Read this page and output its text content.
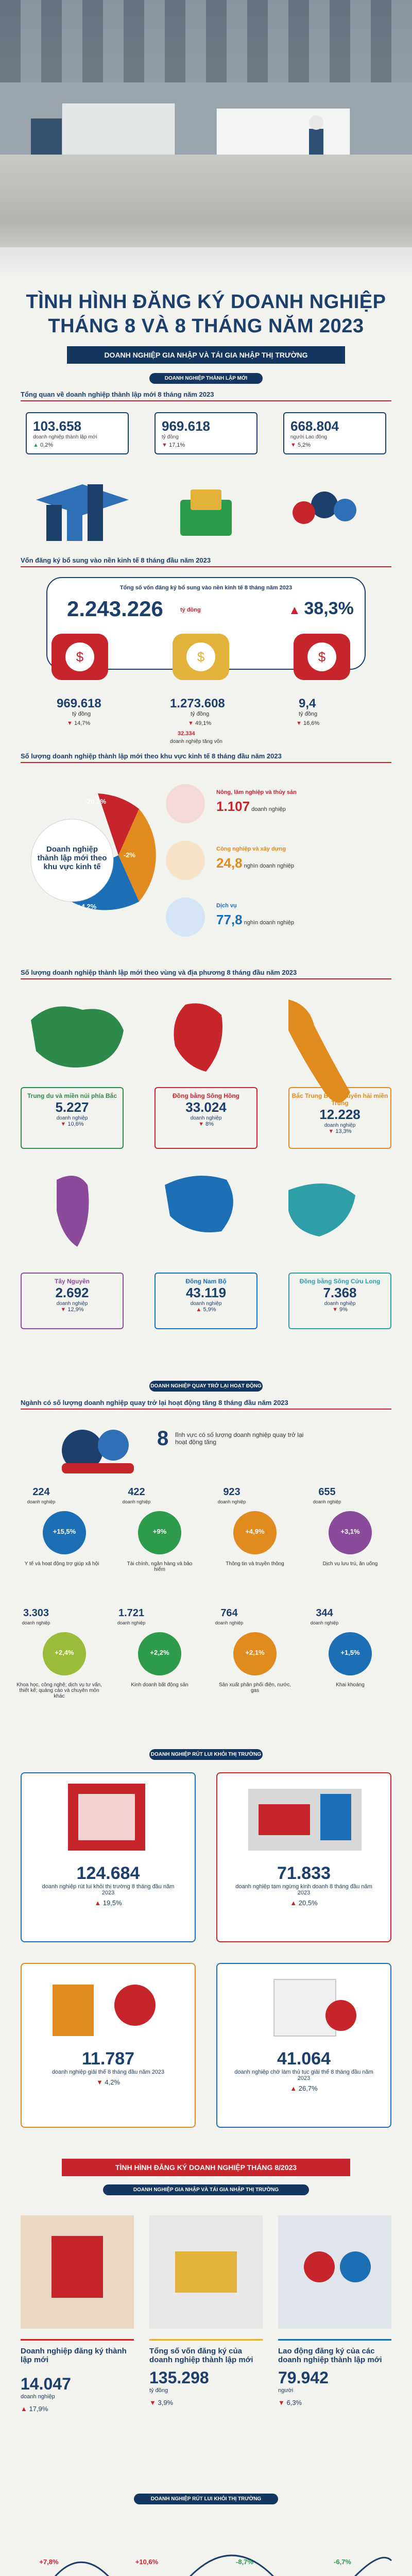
TÌNH HÌNH ĐĂNG KÝ DOANH NGHIỆP
THÁNG 8 VÀ 8 THÁNG NĂM 2023
DOANH NGHIỆP GIA NHẬP VÀ TÁI GIA NHẬP THỊ TRƯỜNG
DOANH NGHIỆP THÀNH LẬP MỚI
Tổng quan về doanh nghiệp thành lập mới 8 tháng năm 2023
103.658
doanh nghiệp thành lập mới
▲ 0,2%
969.618
tỷ đồng
▼ 17,1%
668.804
người Lao động
▼ 5,2%
Vốn đăng ký bổ sung vào nền kinh tế 8 tháng đầu năm 2023
Tổng số vốn đăng ký bổ sung vào nền kinh tế 8 tháng năm 2023
2.243.226	tỷ đồng	▲ 38,3%
$	$	$
969.618
tỷ đồng
▼ 14,7%
1.273.608
tỷ đồng
▼ 49,1%
32.334
doanh nghiệp tăng vốn
9,4
tỷ đồng
▼ 16,6%
Số lượng doanh nghiệp thành lập mới theo khu vực kinh tế 8 tháng đầu năm 2023
Doanh nghiệp thành lập mới theo khu vực kinh tế
-20,2%
-2%
+4,2%
Nông, lâm nghiệp và thủy sản
1.107 doanh nghiệp
Công nghiệp và xây dựng
24,8 nghìn doanh nghiệp
Dịch vụ
77,8 nghìn doanh nghiệp
Số lượng doanh nghiệp thành lập mới theo vùng và địa phương 8 tháng đầu năm 2023
Trung du và miền núi phía Bắc
5.227
doanh nghiệp
▼ 10,6%
Đồng bằng Sông Hồng
33.024
doanh nghiệp
▼ 8%
Bắc Trung Bộ và Duyên hải miền Trung
12.228
doanh nghiệp
▼ 13,3%
Tây Nguyên
2.692
doanh nghiệp
▼ 12,9%
Đông Nam Bộ
43.119
doanh nghiệp
▲ 5,9%
Đồng bằng Sông Cửu Long
7.368
doanh nghiệp
▼ 9%
DOANH NGHIỆP QUAY TRỞ LẠI HOẠT ĐỘNG
Ngành có số lượng doanh nghiệp quay trở lại hoạt động tăng 8 tháng đầu năm 2023
8 lĩnh vực có số lượng doanh nghiệp quay trở lại hoạt động tăng
224
doanh nghiệp
+15,5%
Y tế và hoạt động trợ giúp xã hội
422
doanh nghiệp
+9%
Tài chính, ngân hàng và bảo hiểm
923
doanh nghiệp
+4,9%
Thông tin và truyền thông
655
doanh nghiệp
+3,1%
Dịch vụ lưu trú, ăn uống
3.303
doanh nghiệp
+2,4%
Khoa học, công nghệ; dịch vụ tư vấn, thiết kế; quảng cáo và chuyên môn khác
1.721
doanh nghiệp
+2,2%
Kinh doanh bất động sản
764
doanh nghiệp
+2,1%
Sản xuất phân phối điện, nước, gas
344
doanh nghiệp
+1,5%
Khai khoáng
DOANH NGHIỆP RÚT LUI KHỎI THỊ TRƯỜNG
124.684
doanh nghiệp rút lui khỏi thị trường 8 tháng đầu năm 2023
▲ 19,5%
71.833
doanh nghiệp tạm ngừng kinh doanh 8 tháng đầu năm 2023
▲ 20,5%
11.787
doanh nghiệp giải thể 8 tháng đầu năm 2023
▼ 4,2%
41.064
doanh nghiệp chờ làm thủ tục giải thể 8 tháng đầu năm 2023
▲ 26,7%
TÌNH HÌNH ĐĂNG KÝ DOANH NGHIỆP THÁNG 8/2023
DOANH NGHIỆP GIA NHẬP VÀ TÁI GIA NHẬP THỊ TRƯỜNG
Doanh nghiệp đăng ký thành lập mới
14.047
doanh nghiệp
▲ 17,9%
Tổng số vốn đăng ký của doanh nghiệp thành lập mới
135.298
tỷ đồng
▼ 3,9%
Lao động đăng ký của các doanh nghiệp thành lập mới
79.942
người
▼ 6,3%
DOANH NGHIỆP RÚT LUI KHỎI THỊ TRƯỜNG
+7,8%	+10,6%	-8,7%	-6,7%
